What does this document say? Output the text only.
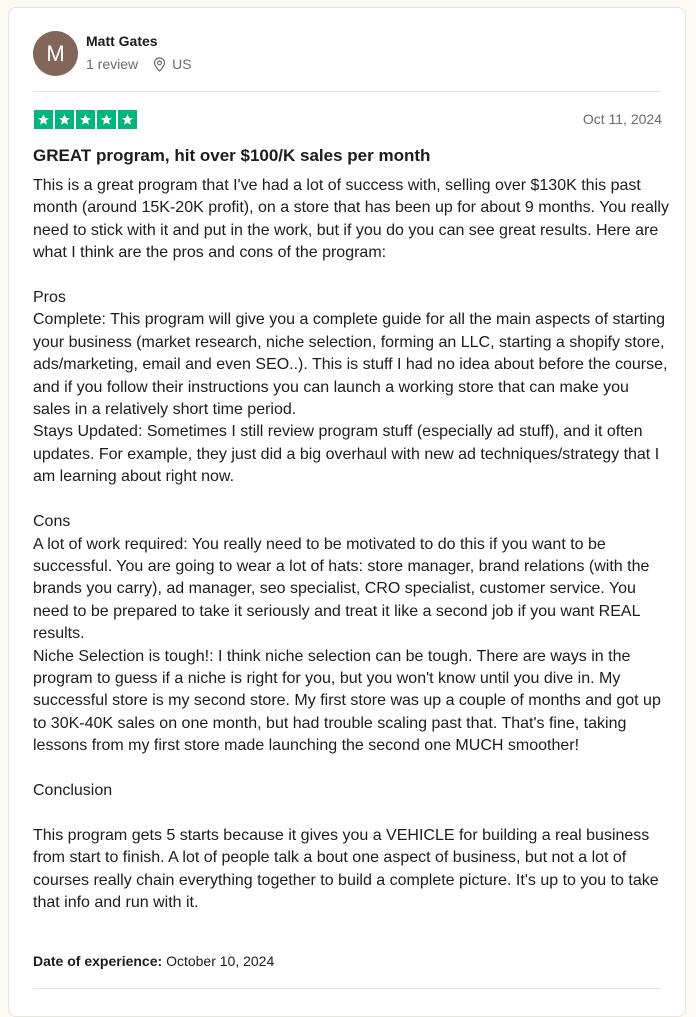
M	Matt Gates
1 review US
Oct 11, 2024
GREAT program, hit over $100/K sales per month

This is a great program that I've had a lot of success with, selling over $130K this past month (around 15K-20K profit), on a store that has been up for about 9 months. You really need to stick with it and put in the work, but if you do you can see great results. Here are what I think are the pros and cons of the program:

Pros
Complete: This program will give you a complete guide for all the main aspects of starting your business (market research, niche selection, forming an LLC, starting a shopify store, ads/marketing, email and even SEO..). This is stuff I had no idea about before the course, and if you follow their instructions you can launch a working store that can make you sales in a relatively short time period.
Stays Updated: Sometimes I still review program stuff (especially ad stuff), and it often updates. For example, they just did a big overhaul with new ad techniques/strategy that I am learning about right now.

Cons
A lot of work required: You really need to be motivated to do this if you want to be successful. You are going to wear a lot of hats: store manager, brand relations (with the brands you carry), ad manager, seo specialist, CRO specialist, customer service. You need to be prepared to take it seriously and treat it like a second job if you want REAL results.
Niche Selection is tough!: I think niche selection can be tough. There are ways in the program to guess if a niche is right for you, but you won't know until you dive in. My successful store is my second store. My first store was up a couple of months and got up to 30K-40K sales on one month, but had trouble scaling past that. That's fine, taking lessons from my first store made launching the second one MUCH smoother!

Conclusion

This program gets 5 starts because it gives you a VEHICLE for building a real business from start to finish. A lot of people talk a bout one aspect of business, but not a lot of courses really chain everything together to build a complete picture. It's up to you to take that info and run with it.

Date of experience: October 10, 2024
